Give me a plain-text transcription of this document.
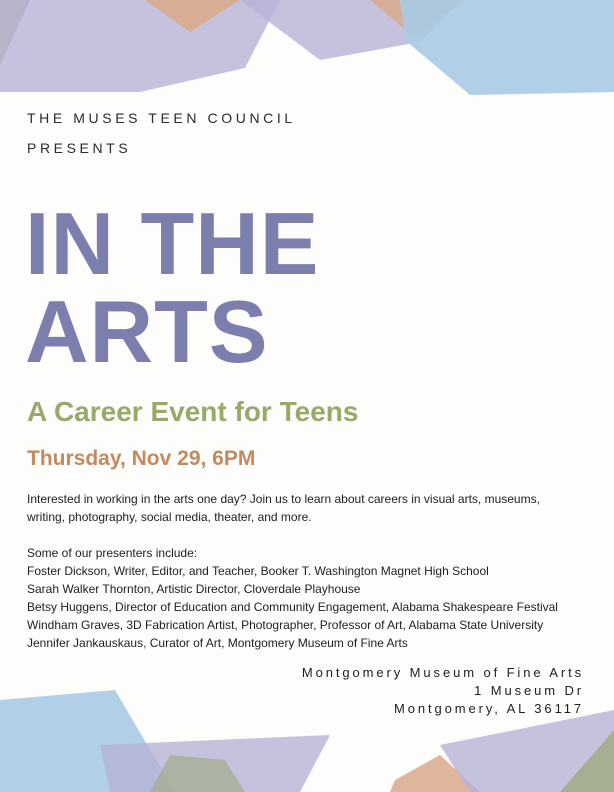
THE MUSES TEEN COUNCIL
PRESENTS
IN THE
ARTS
A Career Event for Teens
Thursday, Nov 29, 6PM
Interested in working in the arts one day? Join us to learn about careers in visual arts, museums,
writing, photography, social media, theater, and more.
Some of our presenters include:
Foster Dickson, Writer, Editor, and Teacher, Booker T. Washington Magnet High School
Sarah Walker Thornton, Artistic Director, Cloverdale Playhouse
Betsy Huggens, Director of Education and Community Engagement, Alabama Shakespeare Festival
Windham Graves, 3D Fabrication Artist, Photographer, Professor of Art, Alabama State University
Jennifer Jankauskaus, Curator of Art, Montgomery Museum of Fine Arts
Montgomery Museum of Fine Arts
1 Museum Dr
Montgomery, AL 36117
